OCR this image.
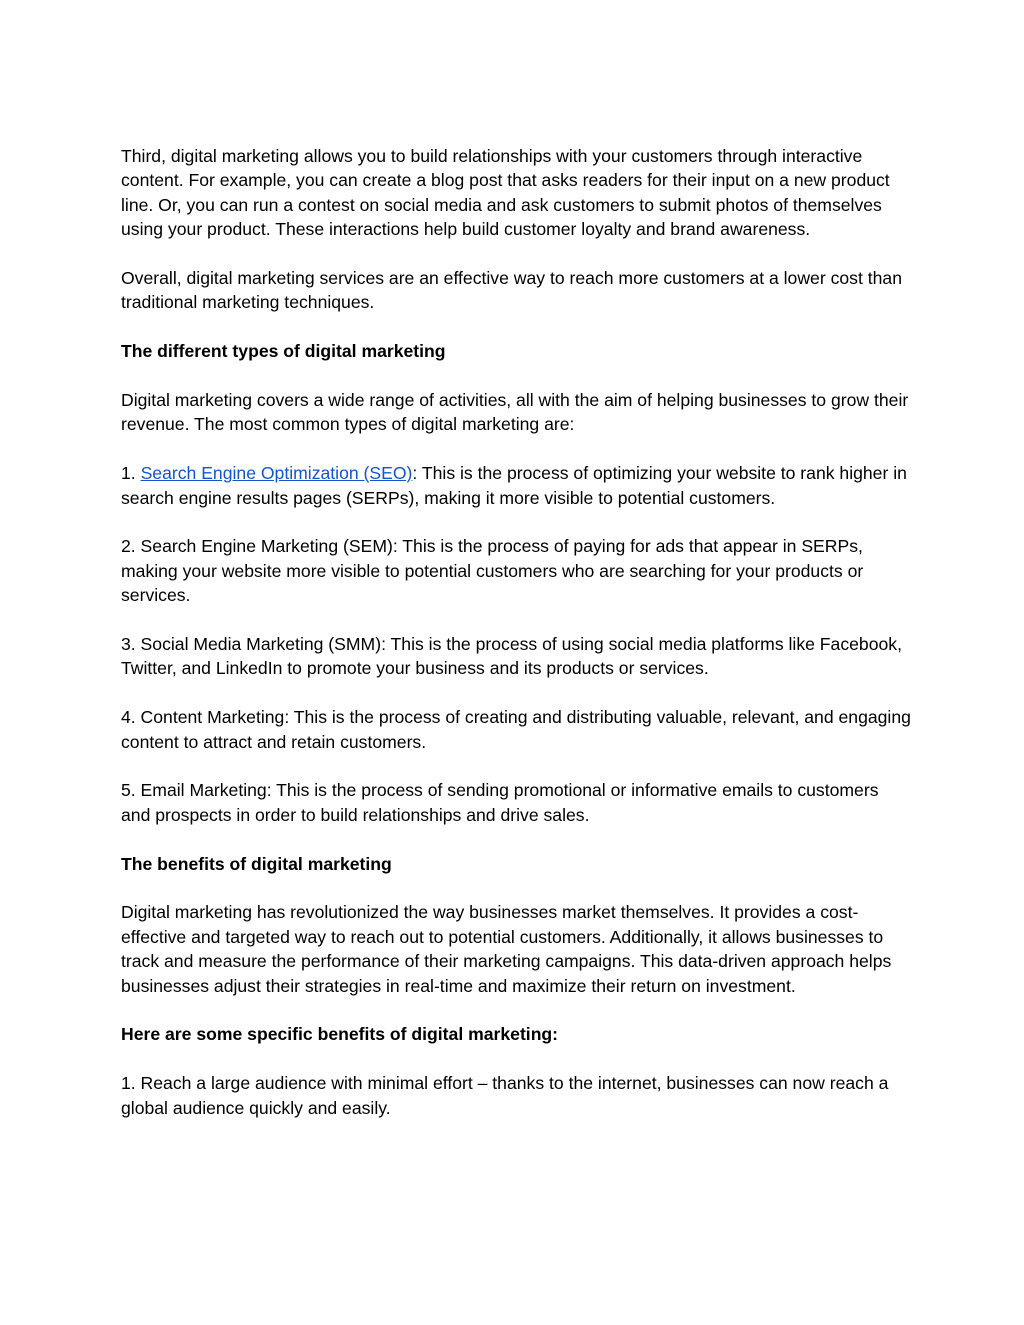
Third, digital marketing allows you to build relationships with your customers through interactive content. For example, you can create a blog post that asks readers for their input on a new product line. Or, you can run a contest on social media and ask customers to submit photos of themselves using your product. These interactions help build customer loyalty and brand awareness.

Overall, digital marketing services are an effective way to reach more customers at a lower cost than traditional marketing techniques.

The different types of digital marketing

Digital marketing covers a wide range of activities, all with the aim of helping businesses to grow their revenue. The most common types of digital marketing are:

1. Search Engine Optimization (SEO): This is the process of optimizing your website to rank higher in search engine results pages (SERPs), making it more visible to potential customers.

2. Search Engine Marketing (SEM): This is the process of paying for ads that appear in SERPs, making your website more visible to potential customers who are searching for your products or services.

3. Social Media Marketing (SMM): This is the process of using social media platforms like Facebook, Twitter, and LinkedIn to promote your business and its products or services.

4. Content Marketing: This is the process of creating and distributing valuable, relevant, and engaging content to attract and retain customers.

5. Email Marketing: This is the process of sending promotional or informative emails to customers and prospects in order to build relationships and drive sales.

The benefits of digital marketing

Digital marketing has revolutionized the way businesses market themselves. It provides a cost-effective and targeted way to reach out to potential customers. Additionally, it allows businesses to track and measure the performance of their marketing campaigns. This data-driven approach helps businesses adjust their strategies in real-time and maximize their return on investment.

Here are some specific benefits of digital marketing:

1. Reach a large audience with minimal effort – thanks to the internet, businesses can now reach a global audience quickly and easily.
